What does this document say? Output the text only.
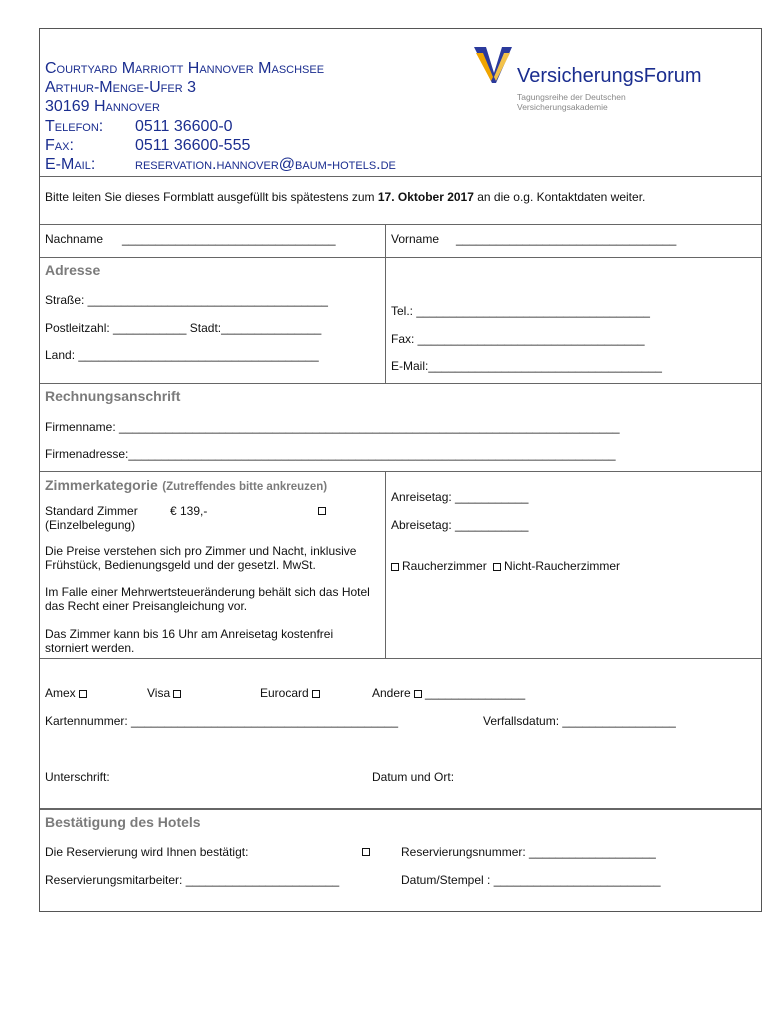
Courtyard Marriott Hannover Maschsee
Arthur-Menge-Ufer 3
30169 Hannover
Telefon: 0511 36600-0
Fax:	0511 36600-555
E-Mail: reservation.hannover@baum-hotels.de
VersicherungsForum
Tagungsreihe der Deutschen
Versicherungsakademie
Bitte leiten Sie dieses Formblatt ausgefüllt bis spätestens zum 17. Oktober 2017 an die o.g. Kontaktdaten weiter.
Nachname ________________________________	Vorname _________________________________
Adresse
Straße: ____________________________________
Postleitzahl: ___________ Stadt:_______________
Land: ____________________________________
Tel.: ___________________________________
Fax: __________________________________
E-Mail:___________________________________
Rechnungsanschrift
Firmenname: ___________________________________________________________________________
Firmenadresse:_________________________________________________________________________
Zimmerkategorie (Zutreffendes bitte ankreuzen)
Standard Zimmer
(Einzelbelegung)
€ 139,-
Die Preise verstehen sich pro Zimmer und Nacht, inklusive Frühstück, Bedienungsgeld und der gesetzl. MwSt.
Im Falle einer Mehrwertsteueränderung behält sich das Hotel das Recht einer Preisangleichung vor.
Das Zimmer kann bis 16 Uhr am Anreisetag kostenfrei storniert werden.
Anreisetag: ___________
Abreisetag: ___________
Raucherzimmer Nicht-Raucherzimmer
Amex	Visa	Eurocard	Andere _______________
Kartennummer: ________________________________________	Verfallsdatum: _________________
Unterschrift:	Datum und Ort:
Bestätigung des Hotels
Die Reservierung wird Ihnen bestätigt:	Reservierungsnummer: ___________________
Reservierungsmitarbeiter: _______________________	Datum/Stempel : _________________________
